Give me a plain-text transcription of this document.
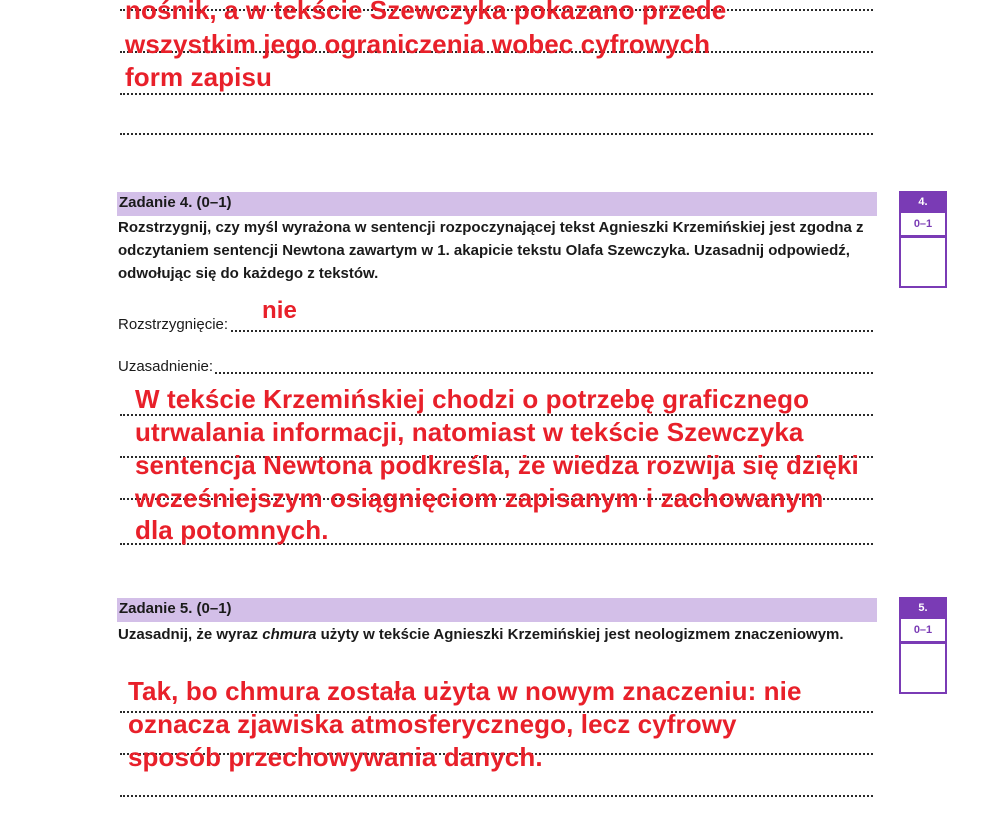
nośnik, a w tekście Szewczyka pokazano przede
wszystkim jego ograniczenia wobec cyfrowych
form zapisu
Zadanie 4. (0–1)
Rozstrzygnij, czy myśl wyrażona w sentencji rozpoczynającej tekst Agnieszki Krzemińskiej jest zgodna z odczytaniem sentencji Newtona zawartym w 1. akapicie tekstu Olafa Szewczyka. Uzasadnij odpowiedź, odwołując się do każdego z tekstów.
Rozstrzygnięcie:
nie
Uzasadnienie:
W tekście Krzemińskiej chodzi o potrzebę graficznego
utrwalania informacji, natomiast w tekście Szewczyka
sentencja Newtona podkreśla, że wiedza rozwija się dzięki
wcześniejszym osiągnięciom zapisanym i zachowanym
dla potomnych.
4.
0–1
Zadanie 5. (0–1)
Uzasadnij, że wyraz chmura użyty w tekście Agnieszki Krzemińskiej jest neologizmem znaczeniowym.
Tak, bo chmura została użyta w nowym znaczeniu: nie
oznacza zjawiska atmosferycznego, lecz cyfrowy
sposób przechowywania danych.
5.
0–1
